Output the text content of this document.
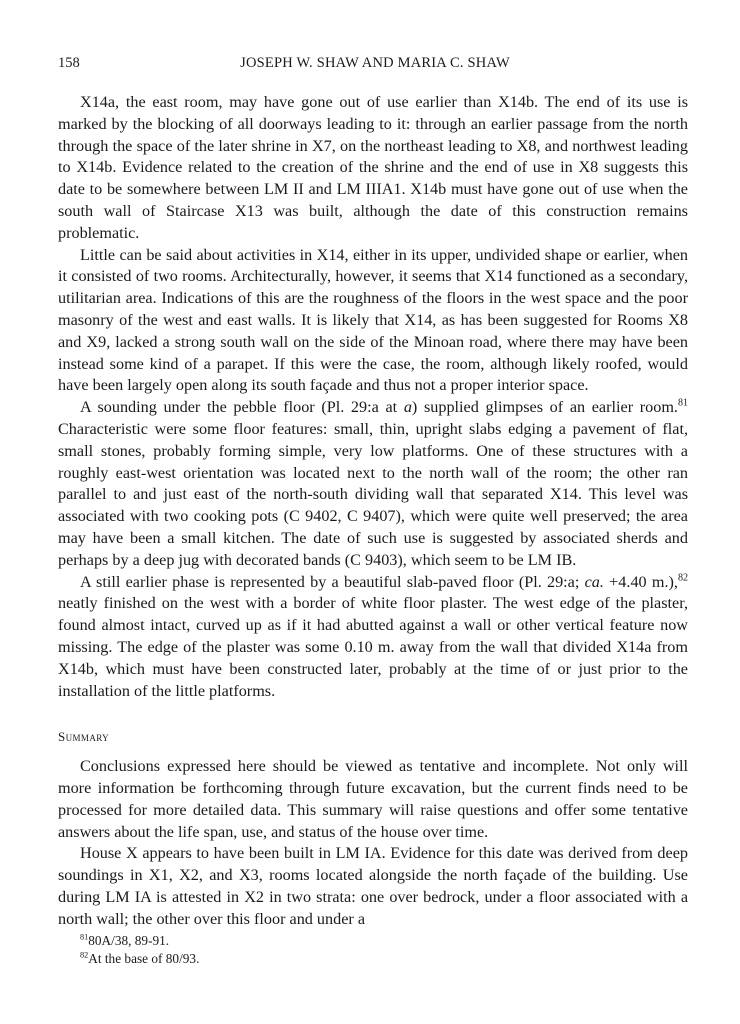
158	JOSEPH W. SHAW AND MARIA C. SHAW

X14a, the east room, may have gone out of use earlier than X14b. The end of its use is marked by the blocking of all doorways leading to it: through an earlier passage from the north through the space of the later shrine in X7, on the northeast leading to X8, and northwest leading to X14b. Evidence related to the creation of the shrine and the end of use in X8 suggests this date to be somewhere between LM II and LM IIIA1. X14b must have gone out of use when the south wall of Staircase X13 was built, although the date of this construction remains problematic.

Little can be said about activities in X14, either in its upper, undivided shape or earlier, when it consisted of two rooms. Architecturally, however, it seems that X14 functioned as a secondary, utilitarian area. Indications of this are the roughness of the floors in the west space and the poor masonry of the west and east walls. It is likely that X14, as has been suggested for Rooms X8 and X9, lacked a strong south wall on the side of the Minoan road, where there may have been instead some kind of a parapet. If this were the case, the room, although likely roofed, would have been largely open along its south façade and thus not a proper interior space.

A sounding under the pebble floor (Pl. 29:a at a) supplied glimpses of an earlier room.$^{81}$ Characteristic were some floor features: small, thin, upright slabs edging a pavement of flat, small stones, probably forming simple, very low platforms. One of these structures with a roughly east-west orientation was located next to the north wall of the room; the other ran parallel to and just east of the north-south dividing wall that separated X14. This level was associated with two cooking pots (C 9402, C 9407), which were quite well preserved; the area may have been a small kitchen. The date of such use is suggested by associated sherds and perhaps by a deep jug with decorated bands (C 9403), which seem to be LM IB.

A still earlier phase is represented by a beautiful slab-paved floor (Pl. 29:a; ca. +4.40 m.),$^{82}$ neatly finished on the west with a border of white floor plaster. The west edge of the plaster, found almost intact, curved up as if it had abutted against a wall or other vertical feature now missing. The edge of the plaster was some 0.10 m. away from the wall that divided X14a from X14b, which must have been constructed later, probably at the time of or just prior to the installation of the little platforms.

Summary

Conclusions expressed here should be viewed as tentative and incomplete. Not only will more information be forthcoming through future excavation, but the current finds need to be processed for more detailed data. This summary will raise questions and offer some tentative answers about the life span, use, and status of the house over time.

House X appears to have been built in LM IA. Evidence for this date was derived from deep soundings in X1, X2, and X3, rooms located alongside the north façade of the building. Use during LM IA is attested in X2 in two strata: one over bedrock, under a floor associated with a north wall; the other over this floor and under a

$^{81}$80A/38, 89-91.
$^{82}$At the base of 80/93.
